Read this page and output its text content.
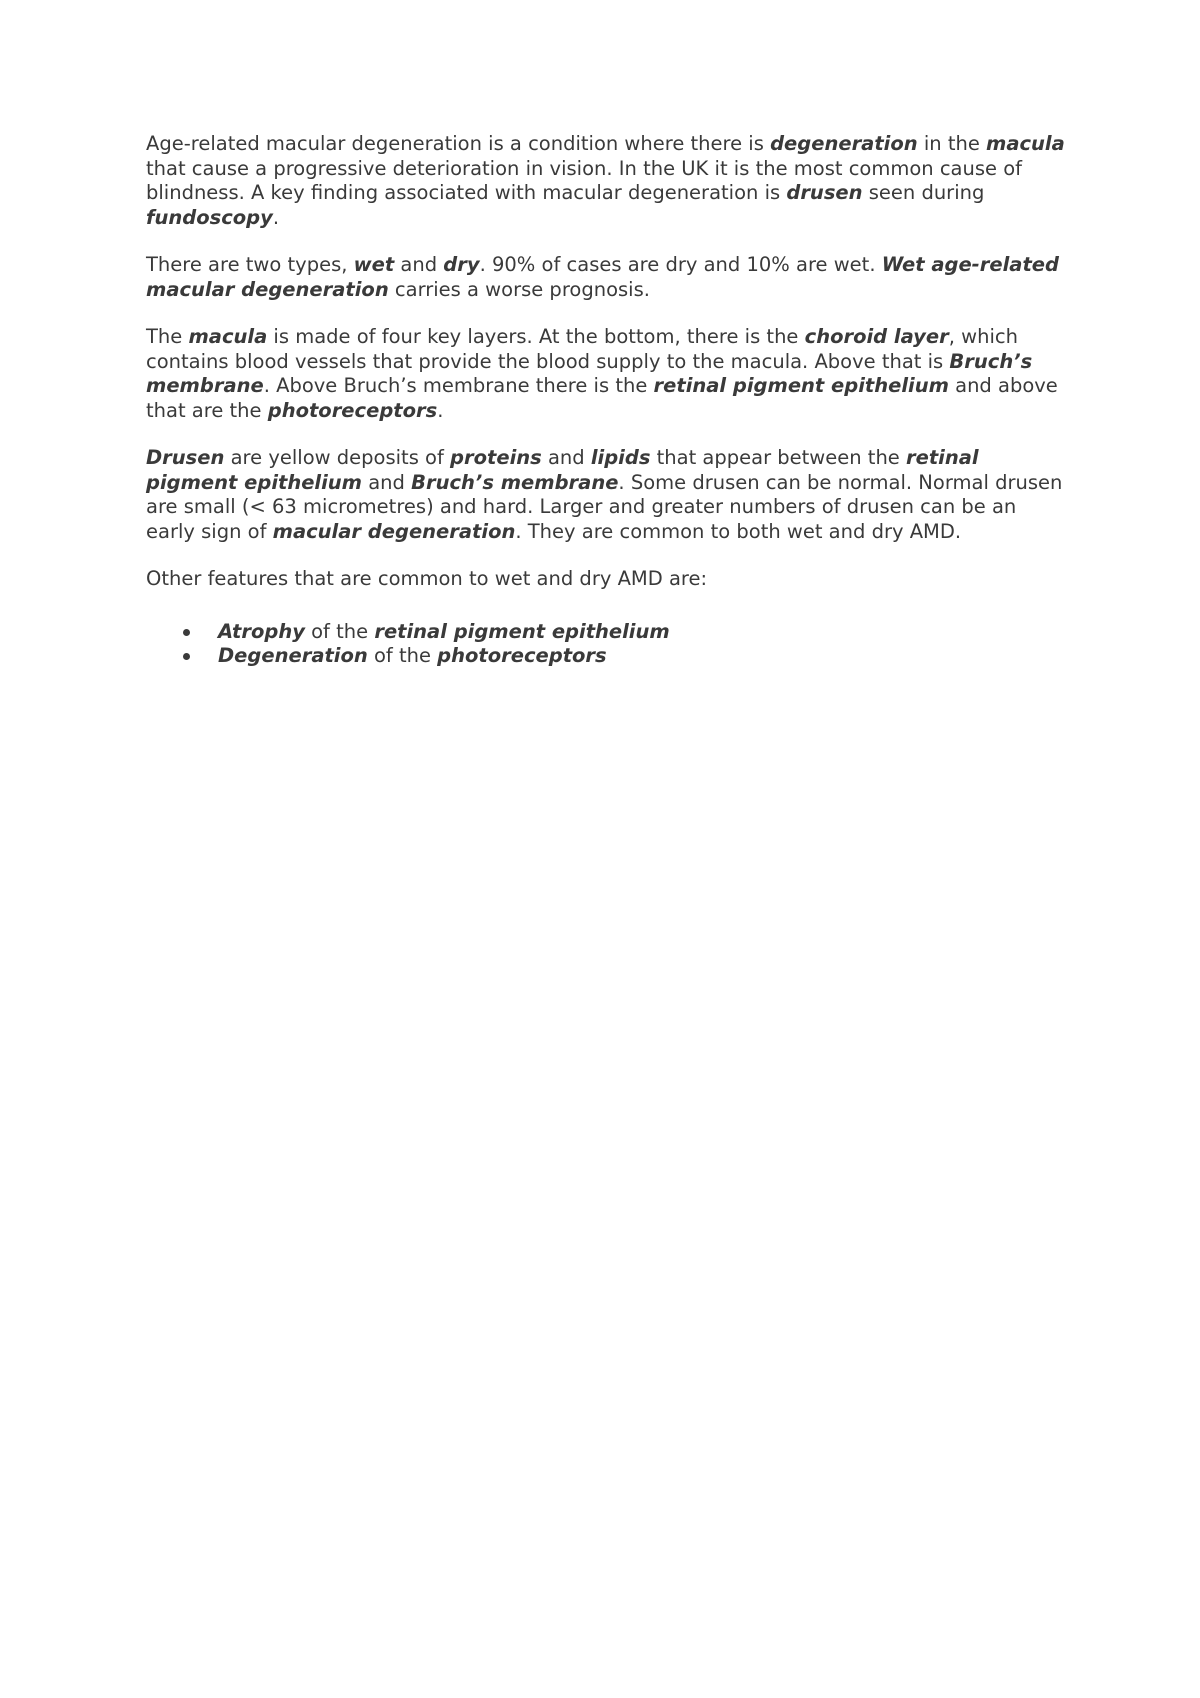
Age-related macular degeneration is a condition where there is degeneration in the macula that cause a progressive deterioration in vision. In the UK it is the most common cause of blindness. A key finding associated with macular degeneration is drusen seen during fundoscopy.

There are two types, wet and dry. 90% of cases are dry and 10% are wet. Wet age-related macular degeneration carries a worse prognosis.

The macula is made of four key layers. At the bottom, there is the choroid layer, which contains blood vessels that provide the blood supply to the macula. Above that is Bruch’s membrane. Above Bruch’s membrane there is the retinal pigment epithelium and above that are the photoreceptors.

Drusen are yellow deposits of proteins and lipids that appear between the retinal pigment epithelium and Bruch’s membrane. Some drusen can be normal. Normal drusen are small (< 63 micrometres) and hard. Larger and greater numbers of drusen can be an early sign of macular degeneration. They are common to both wet and dry AMD.

Other features that are common to wet and dry AMD are:

Atrophy of the retinal pigment epithelium
Degeneration of the photoreceptors
